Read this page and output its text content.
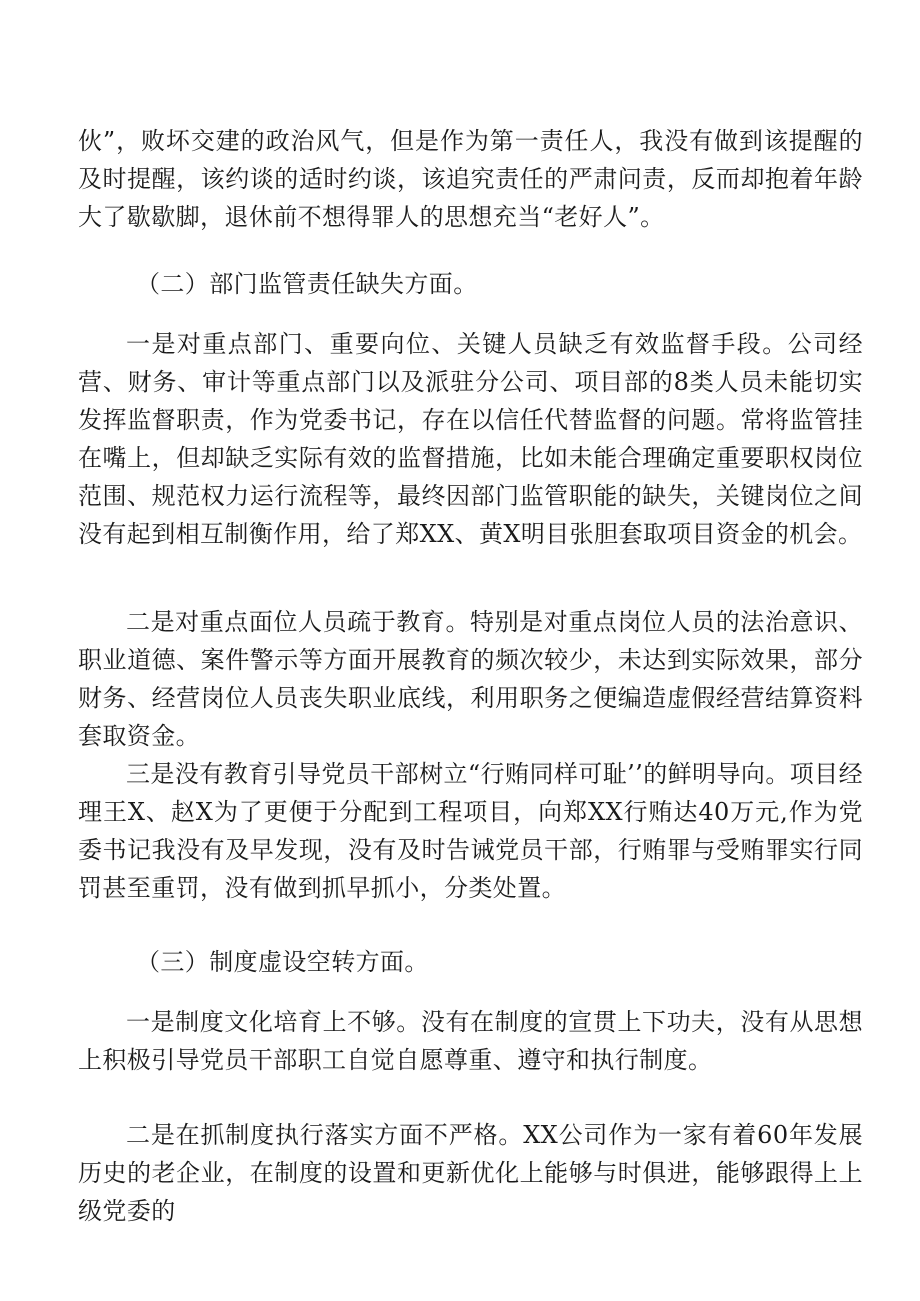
伙”，败坏交建的政治风气，但是作为第一责任人，我没有做到该提醒的及时提醒，该约谈的适时约谈，该追究责任的严肃问责，反而却抱着年龄大了歇歇脚，退休前不想得罪人的思想充当“老好人”。

（二）部门监管责任缺失方面。

一是对重点部门、重要向位、关键人员缺乏有效监督手段。公司经营、财务、审计等重点部门以及派驻分公司、项目部的8类人员未能切实发挥监督职责，作为党委书记，存在以信任代替监督的问题。常将监管挂在嘴上，但却缺乏实际有效的监督措施，比如未能合理确定重要职权岗位范围、规范权力运行流程等，最终因部门监管职能的缺失，关键岗位之间没有起到相互制衡作用，给了郑XX、黄X明目张胆套取项目资金的机会。

二是对重点面位人员疏于教育。特别是对重点岗位人员的法治意识、职业道德、案件警示等方面开展教育的频次较少，未达到实际效果，部分财务、经营岗位人员丧失职业底线，利用职务之便编造虚假经营结算资料套取资金。

三是没有教育引导党员干部树立“行贿同样可耻’’的鲜明导向。项目经理王X、赵X为了更便于分配到工程项目，向郑XX行贿达40万元,作为党委书记我没有及早发现，没有及时告诫党员干部，行贿罪与受贿罪实行同罚甚至重罚，没有做到抓早抓小，分类处置。

（三）制度虚设空转方面。

一是制度文化培育上不够。没有在制度的宣贯上下功夫，没有从思想上积极引导党员干部职工自觉自愿尊重、遵守和执行制度。

二是在抓制度执行落实方面不严格。XX公司作为一家有着60年发展历史的老企业，在制度的设置和更新优化上能够与时俱进，能够跟得上上级党委的
